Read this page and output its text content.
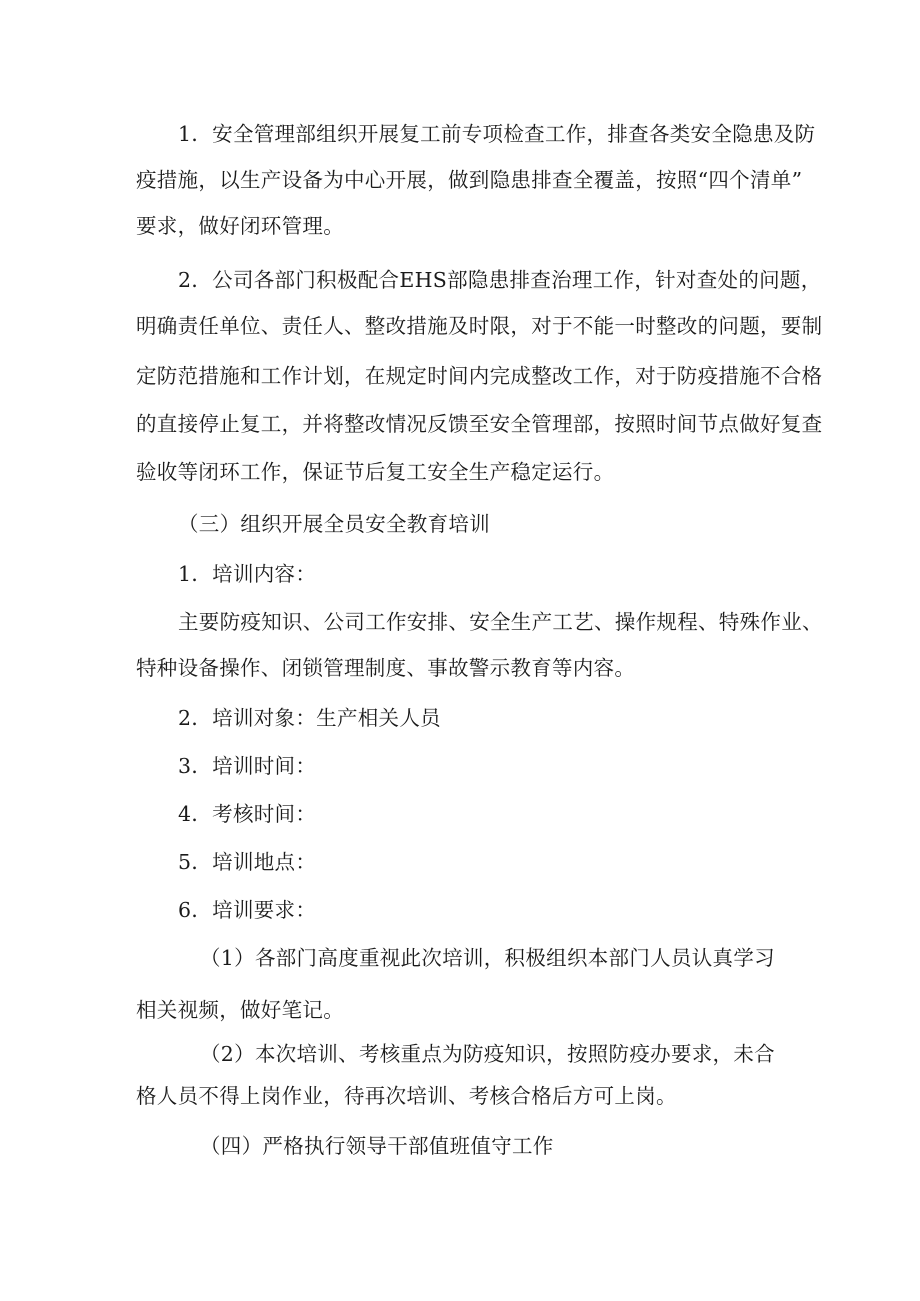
1．安全管理部组织开展复工前专项检查工作，排查各类安全隐患及防
疫措施，以生产设备为中心开展，做到隐患排查全覆盖，按照“四个清单”
要求，做好闭环管理。
2．公司各部门积极配合EHS部隐患排查治理工作，针对查处的问题，
明确责任单位、责任人、整改措施及时限，对于不能一时整改的问题，要制
定防范措施和工作计划，在规定时间内完成整改工作，对于防疫措施不合格
的直接停止复工，并将整改情况反馈至安全管理部，按照时间节点做好复查
验收等闭环工作，保证节后复工安全生产稳定运行。
（三）组织开展全员安全教育培训
1．培训内容：
主要防疫知识、公司工作安排、安全生产工艺、操作规程、特殊作业、
特种设备操作、闭锁管理制度、事故警示教育等内容。
2．培训对象：生产相关人员
3．培训时间：
4．考核时间：
5．培训地点：
6．培训要求：
（1）各部门高度重视此次培训，积极组织本部门人员认真学习
相关视频，做好笔记。
（2）本次培训、考核重点为防疫知识，按照防疫办要求，未合
格人员不得上岗作业，待再次培训、考核合格后方可上岗。
（四）严格执行领导干部值班值守工作
